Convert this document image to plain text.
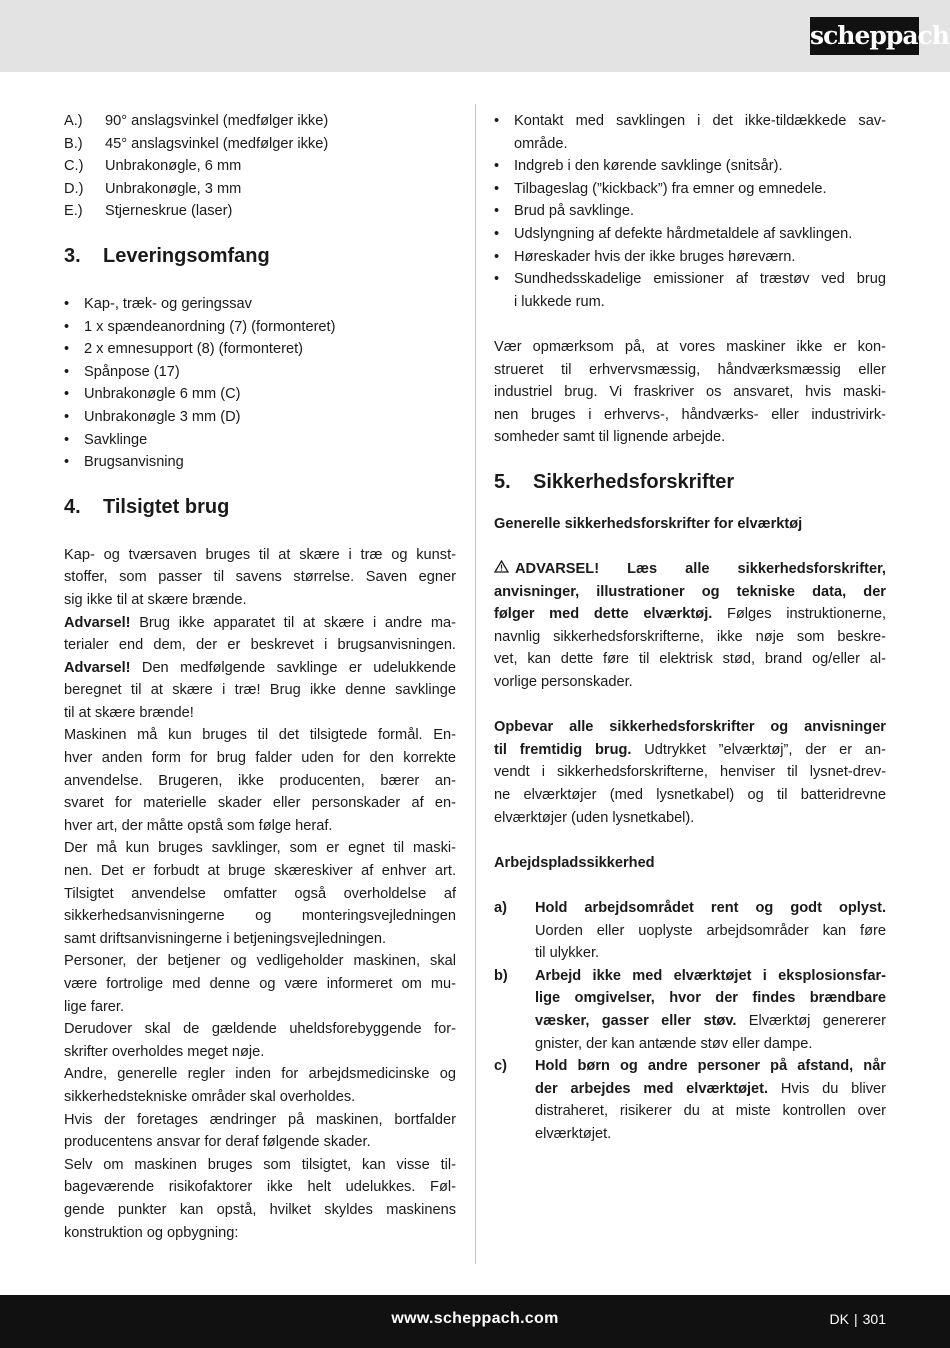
scheppach
A.) 90° anslagsvinkel (medfølger ikke)
B.) 45° anslagsvinkel (medfølger ikke)
C.) Unbrakonøgle, 6 mm
D.) Unbrakonøgle, 3 mm
E.) Stjerneskrue (laser)
3. Leveringsomfang
• Kap-, træk- og geringssav
• 1 x spændeanordning (7) (formonteret)
• 2 x emnesupport (8) (formonteret)
• Spånpose (17)
• Unbrakonøgle 6 mm (C)
• Unbrakonøgle 3 mm (D)
• Savklinge
• Brugsanvisning
4. Tilsigtet brug
Kap- og tværsaven bruges til at skære i træ og kunst-
stoffer, som passer til savens størrelse. Saven egner
sig ikke til at skære brænde.
Advarsel! Brug ikke apparatet til at skære i andre ma-
terialer end dem, der er beskrevet i brugsanvisningen.
Advarsel! Den medfølgende savklinge er udelukkende
beregnet til at skære i træ! Brug ikke denne savklinge
til at skære brænde!
Maskinen må kun bruges til det tilsigtede formål. En-
hver anden form for brug falder uden for den korrekte
anvendelse. Brugeren, ikke producenten, bærer an-
svaret for materielle skader eller personskader af en-
hver art, der måtte opstå som følge heraf.
Der må kun bruges savklinger, som er egnet til maski-
nen. Det er forbudt at bruge skæreskiver af enhver art.
Tilsigtet anvendelse omfatter også overholdelse af
sikkerhedsanvisningerne og monteringsvejledningen
samt driftsanvisningerne i betjeningsvejledningen.
Personer, der betjener og vedligeholder maskinen, skal
være fortrolige med denne og være informeret om mu-
lige farer.
Derudover skal de gældende uheldsforebyggende for-
skrifter overholdes meget nøje.
Andre, generelle regler inden for arbejdsmedicinske og
sikkerhedstekniske områder skal overholdes.
Hvis der foretages ændringer på maskinen, bortfalder
producentens ansvar for deraf følgende skader.
Selv om maskinen bruges som tilsigtet, kan visse til-
bageværende risikofaktorer ikke helt udelukkes. Føl-
gende punkter kan opstå, hvilket skyldes maskinens
konstruktion og opbygning:
• Kontakt med savklingen i det ikke-tildækkede sav-
område.
• Indgreb i den kørende savklinge (snitsår).
• Tilbageslag (”kickback”) fra emner og emnedele.
• Brud på savklinge.
• Udslyngning af defekte hårdmetaldele af savklingen.
• Høreskader hvis der ikke bruges høreværn.
• Sundhedsskadelige emissioner af træstøv ved brug
i lukkede rum.
Vær opmærksom på, at vores maskiner ikke er kon-
strueret til erhvervsmæssig, håndværksmæssig eller
industriel brug. Vi fraskriver os ansvaret, hvis maski-
nen bruges i erhvervs-, håndværks- eller industrivirk-
somheder samt til lignende arbejde.
5. Sikkerhedsforskrifter
Generelle sikkerhedsforskrifter for elværktøj
ADVARSEL! Læs alle sikkerhedsforskrifter,
anvisninger, illustrationer og tekniske data, der
følger med dette elværktøj. Følges instruktionerne,
navnlig sikkerhedsforskrifterne, ikke nøje som beskre-
vet, kan dette føre til elektrisk stød, brand og/eller al-
vorlige personskader.
Opbevar alle sikkerhedsforskrifter og anvisninger
til fremtidig brug. Udtrykket ”elværktøj”, der er an-
vendt i sikkerhedsforskrifterne, henviser til lysnet-drev-
ne elværktøjer (med lysnetkabel) og til batteridrevne
elværktøjer (uden lysnetkabel).
Arbejdspladssikkerhed
a) Hold arbejdsområdet rent og godt oplyst.
Uorden eller uoplyste arbejdsområder kan føre
til ulykker.
b) Arbejd ikke med elværktøjet i eksplosionsfar-
lige omgivelser, hvor der findes brændbare
væsker, gasser eller støv. Elværktøj genererer
gnister, der kan antænde støv eller dampe.
c) Hold børn og andre personer på afstand, når
der arbejdes med elværktøjet. Hvis du bliver
distraheret, risikerer du at miste kontrollen over
elværktøjet.
www.scheppach.com	DK | 301
